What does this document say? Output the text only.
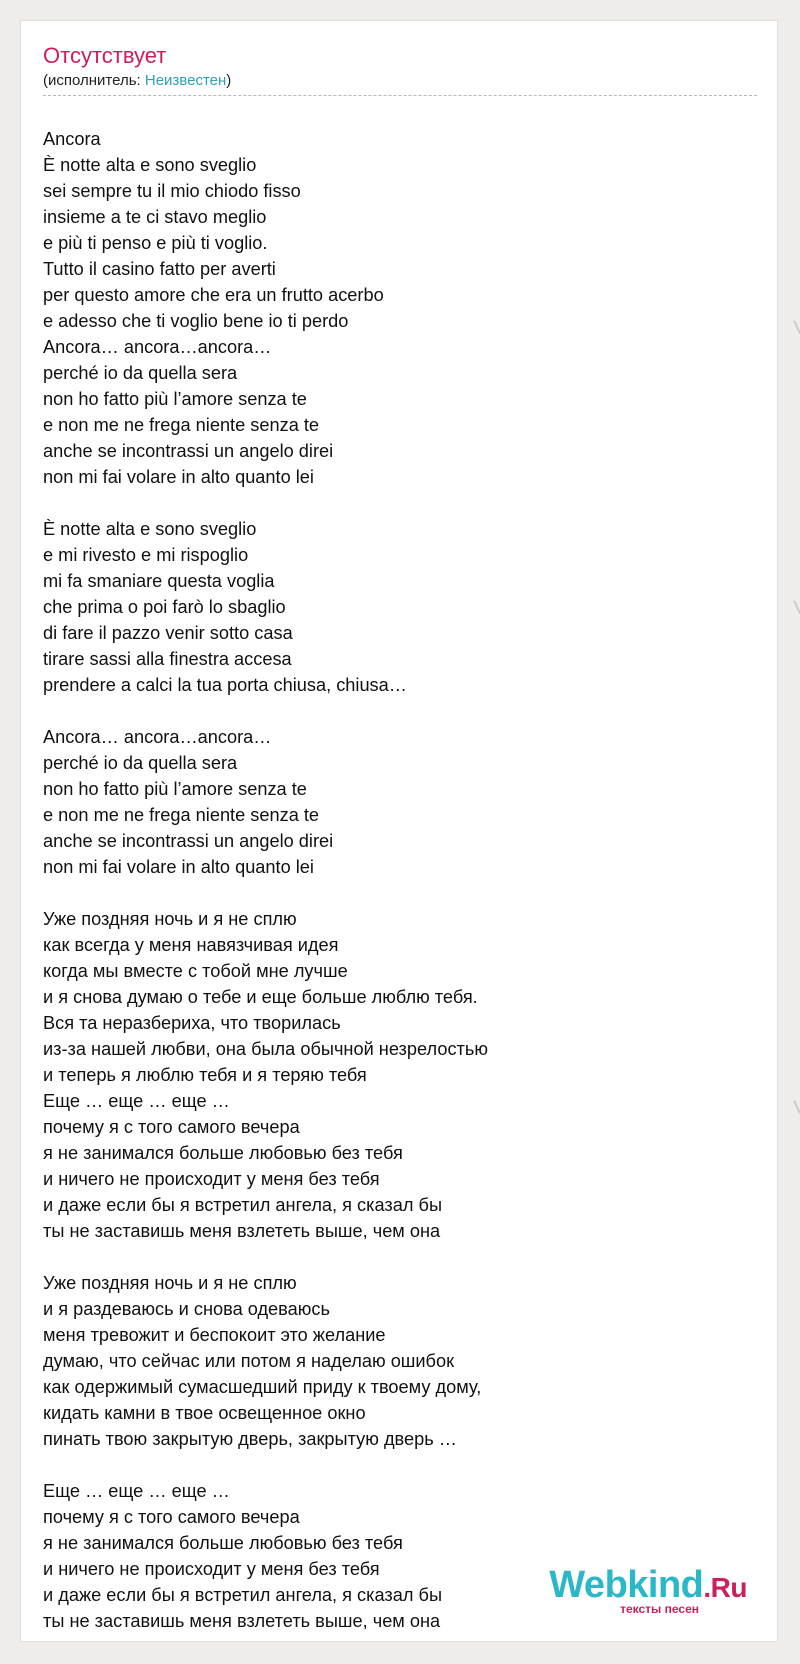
Отсутствует
(исполнитель: Неизвестен)
Ancora
È notte alta e sono sveglio
sei sempre tu il mio chiodo fisso
insieme a te ci stavo meglio
e più ti penso e più ti voglio.
Tutto il casino fatto per averti
per questo amore che era un frutto acerbo
e adesso che ti voglio bene io ti perdo
Ancora… ancora…ancora…
perché io da quella sera
non ho fatto più l’amore senza te
e non me ne frega niente senza te
anche se incontrassi un angelo direi
non mi fai volare in alto quanto lei
È notte alta e sono sveglio
e mi rivesto e mi rispoglio
mi fa smaniare questa voglia
che prima o poi farò lo sbaglio
di fare il pazzo venir sotto casa
tirare sassi alla finestra accesa
prendere a calci la tua porta chiusa, chiusa…
Ancora… ancora…ancora…
perché io da quella sera
non ho fatto più l’amore senza te
e non me ne frega niente senza te
anche se incontrassi un angelo direi
non mi fai volare in alto quanto lei
Уже поздняя ночь и я не сплю
как всегда у меня навязчивая идея
когда мы вместе с тобой мне лучше
и я снова думаю о тебе и еще больше люблю тебя.
Вся та неразбериха, что творилась
из-за нашей любви, она была обычной незрелостью
и теперь я люблю тебя и я теряю тебя
Еще … еще … еще …
почему я с того самого вечера
я не занимался больше любовью без тебя
и ничего не происходит у меня без тебя
и даже если бы я встретил ангела, я сказал бы
ты не заставишь меня взлететь выше, чем она
Уже поздняя ночь и я не сплю
и я раздеваюсь и снова одеваюсь
меня тревожит и беспокоит это желание
думаю, что сейчас или потом я наделаю ошибок
как одержимый сумасшедший приду к твоему дому,
кидать камни в твое освещенное окно
пинать твою закрытую дверь, закрытую дверь …
Еще … еще … еще …
почему я с того самого вечера
я не занимался больше любовью без тебя
и ничего не происходит у меня без тебя
и даже если бы я встретил ангела, я сказал бы
ты не заставишь меня взлететь выше, чем она
Webkind.Ru
тексты песен
